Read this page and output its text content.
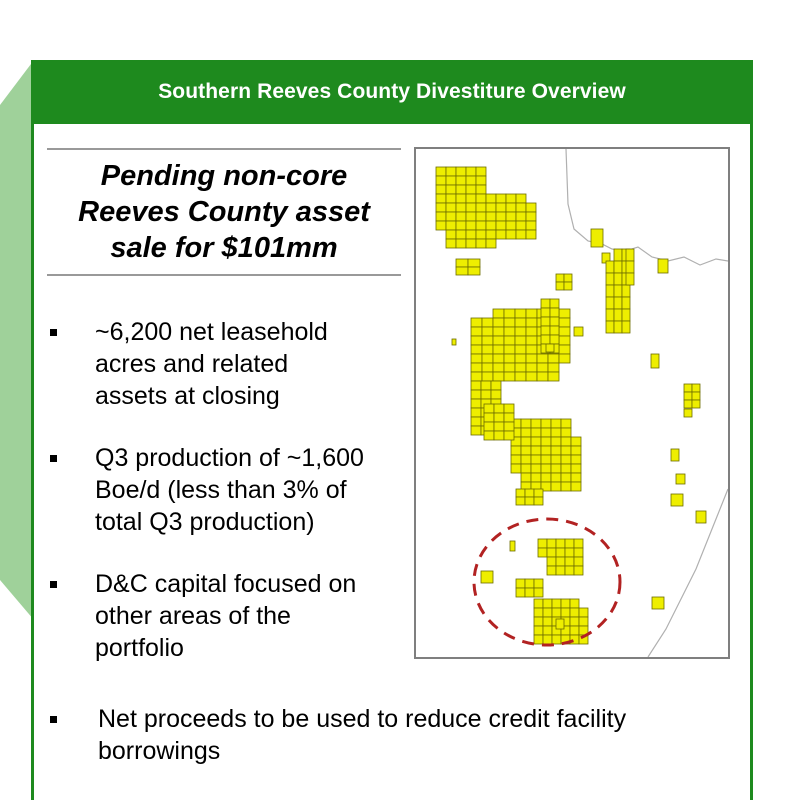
Southern Reeves County Divestiture Overview
Pending non-core
Reeves County asset
sale for $101mm
~6,200 net leasehold
acres and related
assets at closing
Q3 production of ~1,600
Boe/d (less than 3% of
total Q3 production)
D&C capital focused on
other areas of the
portfolio
Net proceeds to be used to reduce credit facility
borrowings
